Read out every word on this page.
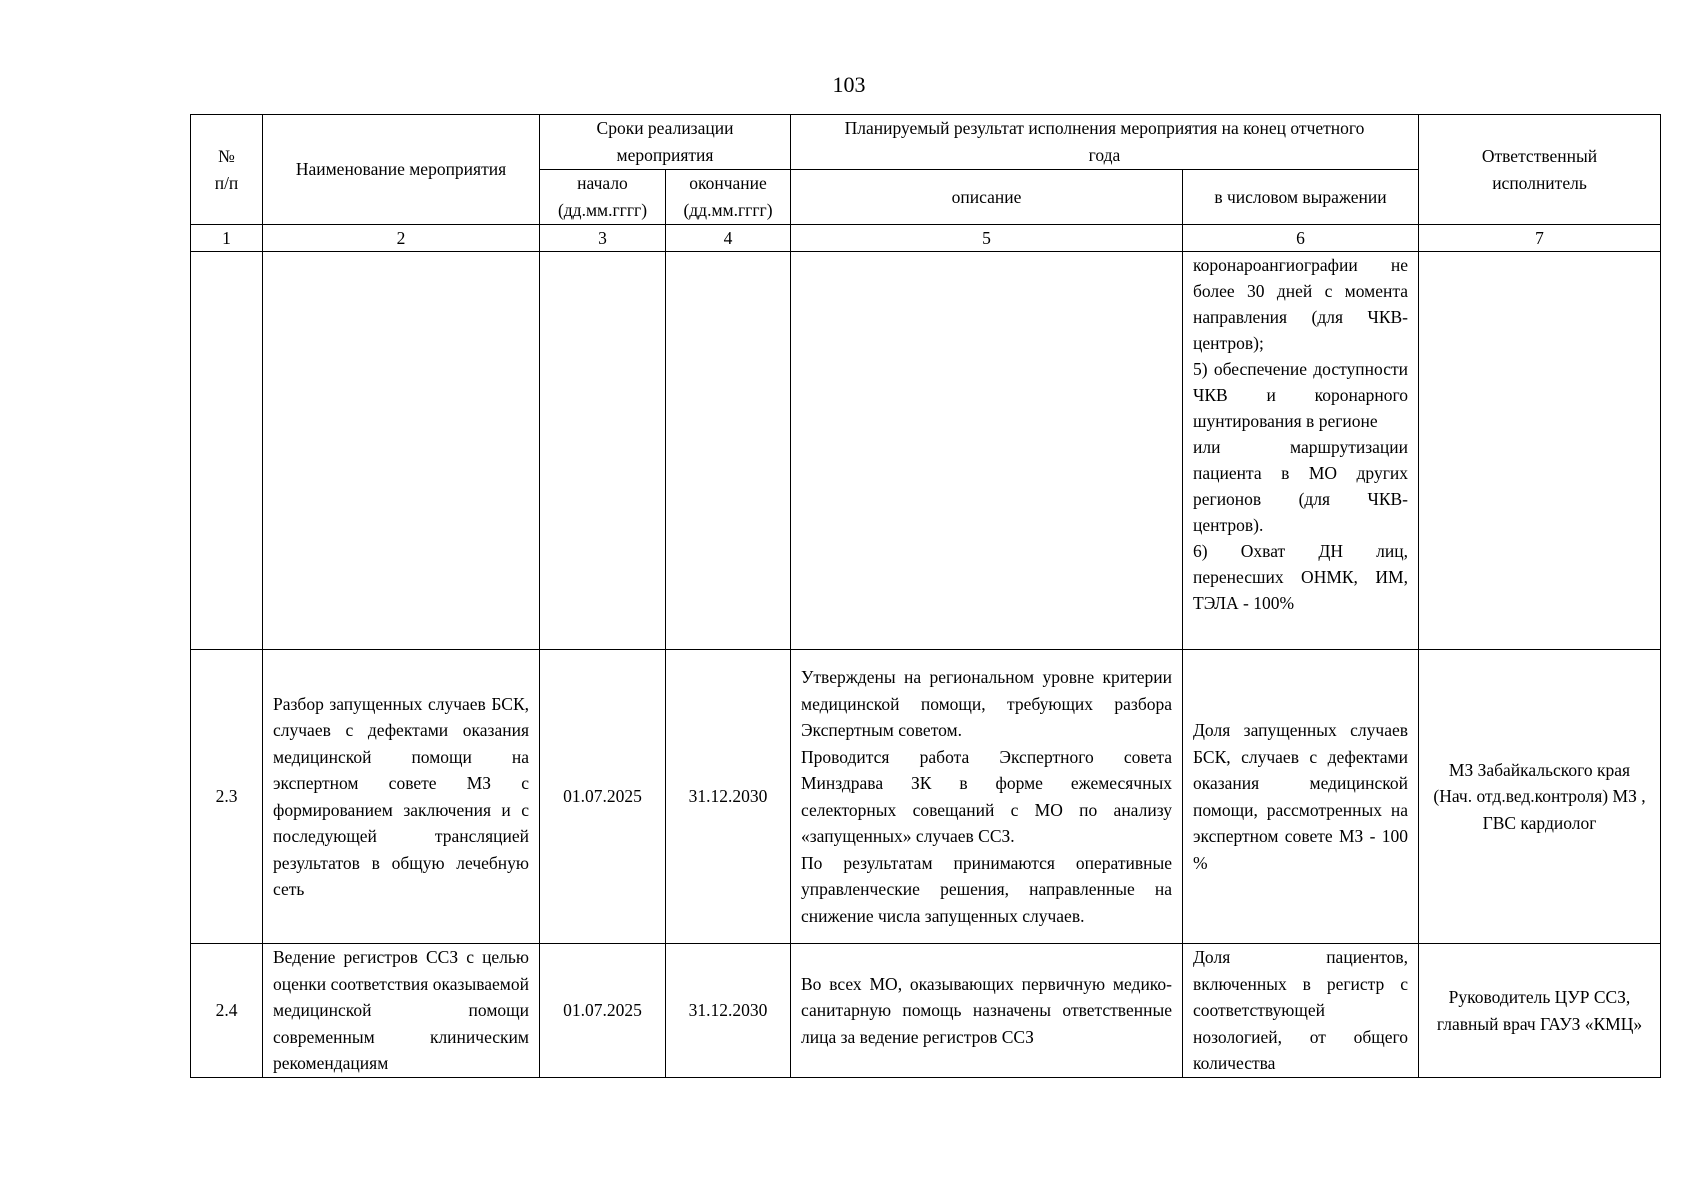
103
№ п/п	Наименование мероприятия	Сроки реализации мероприятия		Планируемый результат исполнения мероприятия на конец отчетного года		Ответственный исполнитель
		начало (дд.мм.гггг)	окончание (дд.мм.гггг)	описание	в числовом выражении	
1	2	3	4	5	6	7

					коронароангиографии не более 30 дней с момента направления (для ЧКВ-центров);
5) обеспечение доступности ЧКВ и коронарного шунтирования в регионе
или маршрутизации пациента в МО других регионов (для ЧКВ-центров).
6) Охват ДН лиц, перенесших ОНМК, ИМ, ТЭЛА - 100%	

2.3	Разбор запущенных случаев БСК, случаев с дефектами оказания медицинской помощи на экспертном совете МЗ с формированием заключения и с последующей трансляцией результатов в общую лечебную сеть	01.07.2025	31.12.2030	Утверждены на региональном уровне критерии медицинской помощи, требующих разбора Экспертным советом.
Проводится работа Экспертного совета Минздрава ЗК в форме ежемесячных селекторных совещаний с МО по анализу «запущенных» случаев ССЗ.
По результатам принимаются оперативные управленческие решения, направленные на снижение числа запущенных случаев.	Доля запущенных случаев БСК, случаев с дефектами оказания медицинской помощи, рассмотренных на экспертном совете МЗ - 100 %	МЗ Забайкальского края (Нач. отд.вед.контроля) МЗ , ГВС кардиолог
2.4	Ведение регистров ССЗ с целью оценки соответствия оказываемой медицинской помощи современным клиническим рекомендациям	01.07.2025	31.12.2030	Во всех МО, оказывающих первичную медико-санитарную помощь назначены ответственные лица за ведение регистров ССЗ	Доля пациентов, включенных в регистр с соответствующей нозологией, от общего количества	Руководитель ЦУР ССЗ, главный врач ГАУЗ «КМЦ»
